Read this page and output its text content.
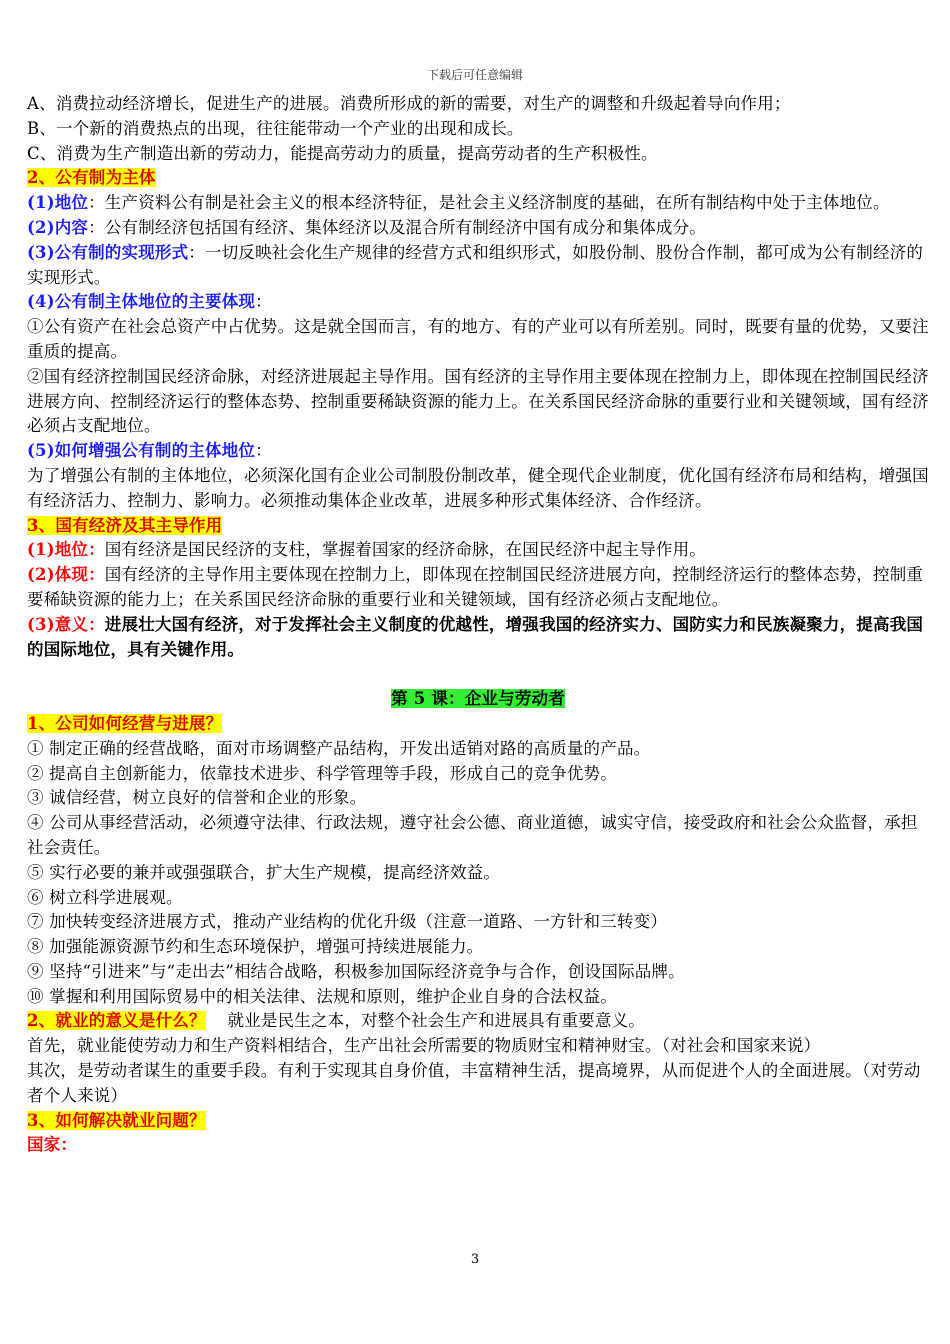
下载后可任意编辑

A、消费拉动经济增长，促进生产的进展。消费所形成的新的需要，对生产的调整和升级起着导向作用；

B、一个新的消费热点的出现，往往能带动一个产业的出现和成长。

C、消费为生产制造出新的劳动力，能提高劳动力的质量，提高劳动者的生产积极性。

2、公有制为主体

(1)地位：生产资料公有制是社会主义的根本经济特征，是社会主义经济制度的基础，在所有制结构中处于主体地位。

(2)内容：公有制经济包括国有经济、集体经济以及混合所有制经济中国有成分和集体成分。

(3)公有制的实现形式：一切反映社会化生产规律的经营方式和组织形式，如股份制、股份合作制，都可成为公有制经济的实现形式。

(4)公有制主体地位的主要体现：

①公有资产在社会总资产中占优势。这是就全国而言，有的地方、有的产业可以有所差别。同时，既要有量的优势，又要注重质的提高。

②国有经济控制国民经济命脉，对经济进展起主导作用。国有经济的主导作用主要体现在控制力上，即体现在控制国民经济进展方向、控制经济运行的整体态势、控制重要稀缺资源的能力上。在关系国民经济命脉的重要行业和关键领域，国有经济必须占支配地位。

(5)如何增强公有制的主体地位：

为了增强公有制的主体地位，必须深化国有企业公司制股份制改革，健全现代企业制度，优化国有经济布局和结构，增强国有经济活力、控制力、影响力。必须推动集体企业改革，进展多种形式集体经济、合作经济。

3、国有经济及其主导作用

(1)地位：国有经济是国民经济的支柱，掌握着国家的经济命脉，在国民经济中起主导作用。

(2)体现：国有经济的主导作用主要体现在控制力上，即体现在控制国民经济进展方向，控制经济运行的整体态势，控制重要稀缺资源的能力上；在关系国民经济命脉的重要行业和关键领域，国有经济必须占支配地位。

(3)意义：进展壮大国有经济，对于发挥社会主义制度的优越性，增强我国的经济实力、国防实力和民族凝聚力，提高我国的国际地位，具有关键作用。

第 5 课：企业与劳动者

1、公司如何经营与进展？

① 制定正确的经营战略，面对市场调整产品结构，开发出适销对路的高质量的产品。

② 提高自主创新能力，依靠技术进步、科学管理等手段，形成自己的竞争优势。

③ 诚信经营，树立良好的信誉和企业的形象。

④ 公司从事经营活动，必须遵守法律、行政法规，遵守社会公德、商业道德，诚实守信，接受政府和社会公众监督，承担社会责任。

⑤ 实行必要的兼并或强强联合，扩大生产规模，提高经济效益。

⑥ 树立科学进展观。

⑦ 加快转变经济进展方式，推动产业结构的优化升级（注意一道路、一方针和三转变）

⑧ 加强能源资源节约和生态环境保护，增强可持续进展能力。

⑨ 坚持“引进来”与“走出去”相结合战略，积极参加国际经济竞争与合作，创设国际品牌。

⑩ 掌握和利用国际贸易中的相关法律、法规和原则，维护企业自身的合法权益。

2、就业的意义是什么？ 就业是民生之本，对整个社会生产和进展具有重要意义。

首先，就业能使劳动力和生产资料相结合，生产出社会所需要的物质财宝和精神财宝。（对社会和国家来说）

其次，是劳动者谋生的重要手段。有利于实现其自身价值，丰富精神生活，提高境界，从而促进个人的全面进展。（对劳动者个人来说）

3、如何解决就业问题？

国家：

3
